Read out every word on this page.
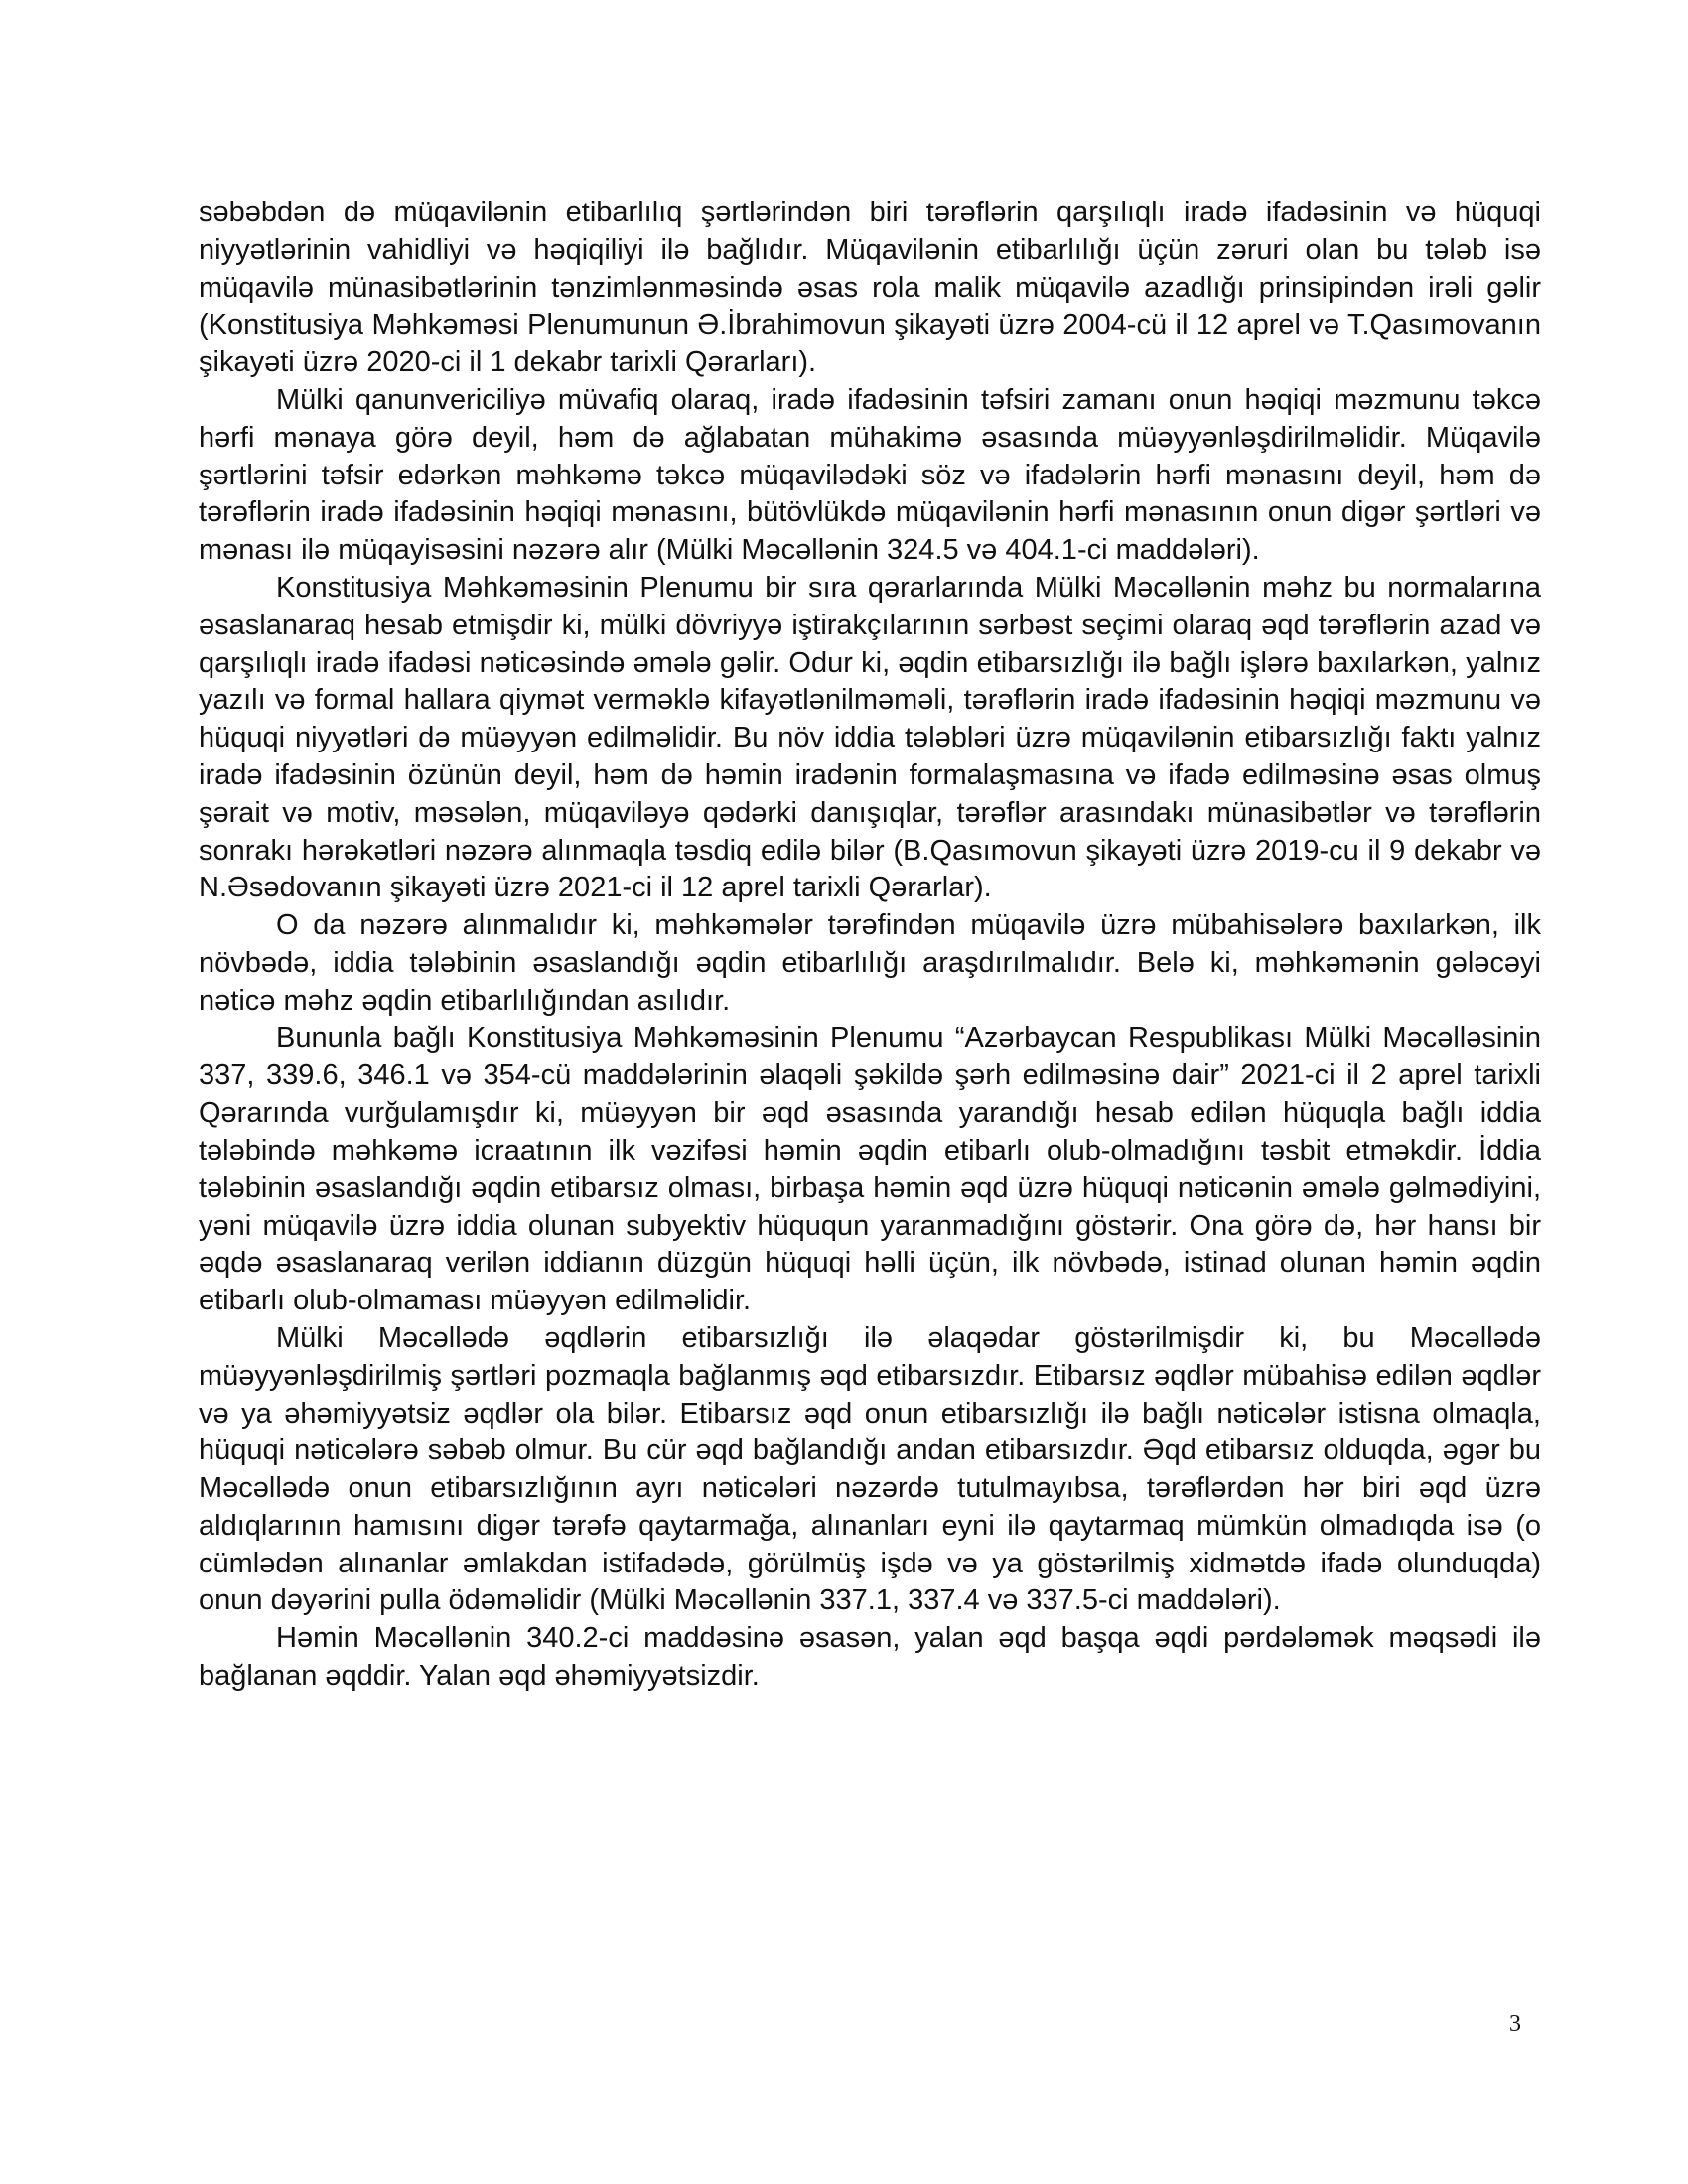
səbəbdən də müqavilənin etibarlılıq şərtlərindən biri tərəflərin qarşılıqlı iradə ifadəsinin və hüquqi niyyətlərinin vahidliyi və həqiqiliyi ilə bağlıdır. Müqavilənin etibarlılığı üçün zəruri olan bu tələb isə müqavilə münasibətlərinin tənzimlənməsində əsas rola malik müqavilə azadlığı prinsipindən irəli gəlir (Konstitusiya Məhkəməsi Plenumunun Ə.İbrahimovun şikayəti üzrə 2004-cü il 12 aprel və T.Qasımovanın şikayəti üzrə 2020-ci il 1 dekabr tarixli Qərarları).

Mülki qanunvericiliyə müvafiq olaraq, iradə ifadəsinin təfsiri zamanı onun həqiqi məzmunu təkcə hərfi mənaya görə deyil, həm də ağlabatan mühakimə əsasında müəyyənləşdirilməlidir. Müqavilə şərtlərini təfsir edərkən məhkəmə təkcə müqavilədəki söz və ifadələrin hərfi mənasını deyil, həm də tərəflərin iradə ifadəsinin həqiqi mənasını, bütövlükdə müqavilənin hərfi mənasının onun digər şərtləri və mənası ilə müqayisəsini nəzərə alır (Mülki Məcəllənin 324.5 və 404.1-ci maddələri).

Konstitusiya Məhkəməsinin Plenumu bir sıra qərarlarında Mülki Məcəllənin məhz bu normalarına əsaslanaraq hesab etmişdir ki, mülki dövriyyə iştirakçılarının sərbəst seçimi olaraq əqd tərəflərin azad və qarşılıqlı iradə ifadəsi nəticəsində əmələ gəlir. Odur ki, əqdin etibarsızlığı ilə bağlı işlərə baxılarkən, yalnız yazılı və formal hallara qiymət verməklə kifayətlənilməməli, tərəflərin iradə ifadəsinin həqiqi məzmunu və hüquqi niyyətləri də müəyyən edilməlidir. Bu növ iddia tələbləri üzrə müqavilənin etibarsızlığı faktı yalnız iradə ifadəsinin özünün deyil, həm də həmin iradənin formalaşmasına və ifadə edilməsinə əsas olmuş şərait və motiv, məsələn, müqaviləyə qədərki danışıqlar, tərəflər arasındakı münasibətlər və tərəflərin sonrakı hərəkətləri nəzərə alınmaqla təsdiq edilə bilər (B.Qasımovun şikayəti üzrə 2019-cu il 9 dekabr və N.Əsədovanın şikayəti üzrə 2021-ci il 12 aprel tarixli Qərarlar).

O da nəzərə alınmalıdır ki, məhkəmələr tərəfindən müqavilə üzrə mübahisələrə baxılarkən, ilk növbədə, iddia tələbinin əsaslandığı əqdin etibarlılığı araşdırılmalıdır. Belə ki, məhkəmənin gələcəyi nəticə məhz əqdin etibarlılığından asılıdır.

Bununla bağlı Konstitusiya Məhkəməsinin Plenumu “Azərbaycan Respublikası Mülki Məcəlləsinin 337, 339.6, 346.1 və 354-cü maddələrinin əlaqəli şəkildə şərh edilməsinə dair” 2021-ci il 2 aprel tarixli Qərarında vurğulamışdır ki, müəyyən bir əqd əsasında yarandığı hesab edilən hüquqla bağlı iddia tələbində məhkəmə icraatının ilk vəzifəsi həmin əqdin etibarlı olub-olmadığını təsbit etməkdir. İddia tələbinin əsaslandığı əqdin etibarsız olması, birbaşa həmin əqd üzrə hüquqi nəticənin əmələ gəlmədiyini, yəni müqavilə üzrə iddia olunan subyektiv hüququn yaranmadığını göstərir. Ona görə də, hər hansı bir əqdə əsaslanaraq verilən iddianın düzgün hüquqi həlli üçün, ilk növbədə, istinad olunan həmin əqdin etibarlı olub-olmaması müəyyən edilməlidir.

Mülki Məcəllədə əqdlərin etibarsızlığı ilə əlaqədar göstərilmişdir ki, bu Məcəllədə müəyyənləşdirilmiş şərtləri pozmaqla bağlanmış əqd etibarsızdır. Etibarsız əqdlər mübahisə edilən əqdlər və ya əhəmiyyətsiz əqdlər ola bilər. Etibarsız əqd onun etibarsızlığı ilə bağlı nəticələr istisna olmaqla, hüquqi nəticələrə səbəb olmur. Bu cür əqd bağlandığı andan etibarsızdır. Əqd etibarsız olduqda, əgər bu Məcəllədə onun etibarsızlığının ayrı nəticələri nəzərdə tutulmayıbsa, tərəflərdən hər biri əqd üzrə aldıqlarının hamısını digər tərəfə qaytarmağa, alınanları eyni ilə qaytarmaq mümkün olmadıqda isə (o cümlədən alınanlar əmlakdan istifadədə, görülmüş işdə və ya göstərilmiş xidmətdə ifadə olunduqda) onun dəyərini pulla ödəməlidir (Mülki Məcəllənin 337.1, 337.4 və 337.5-ci maddələri).

Həmin Məcəllənin 340.2-ci maddəsinə əsasən, yalan əqd başqa əqdi pərdələmək məqsədi ilə bağlanan əqddir. Yalan əqd əhəmiyyətsizdir.

3
